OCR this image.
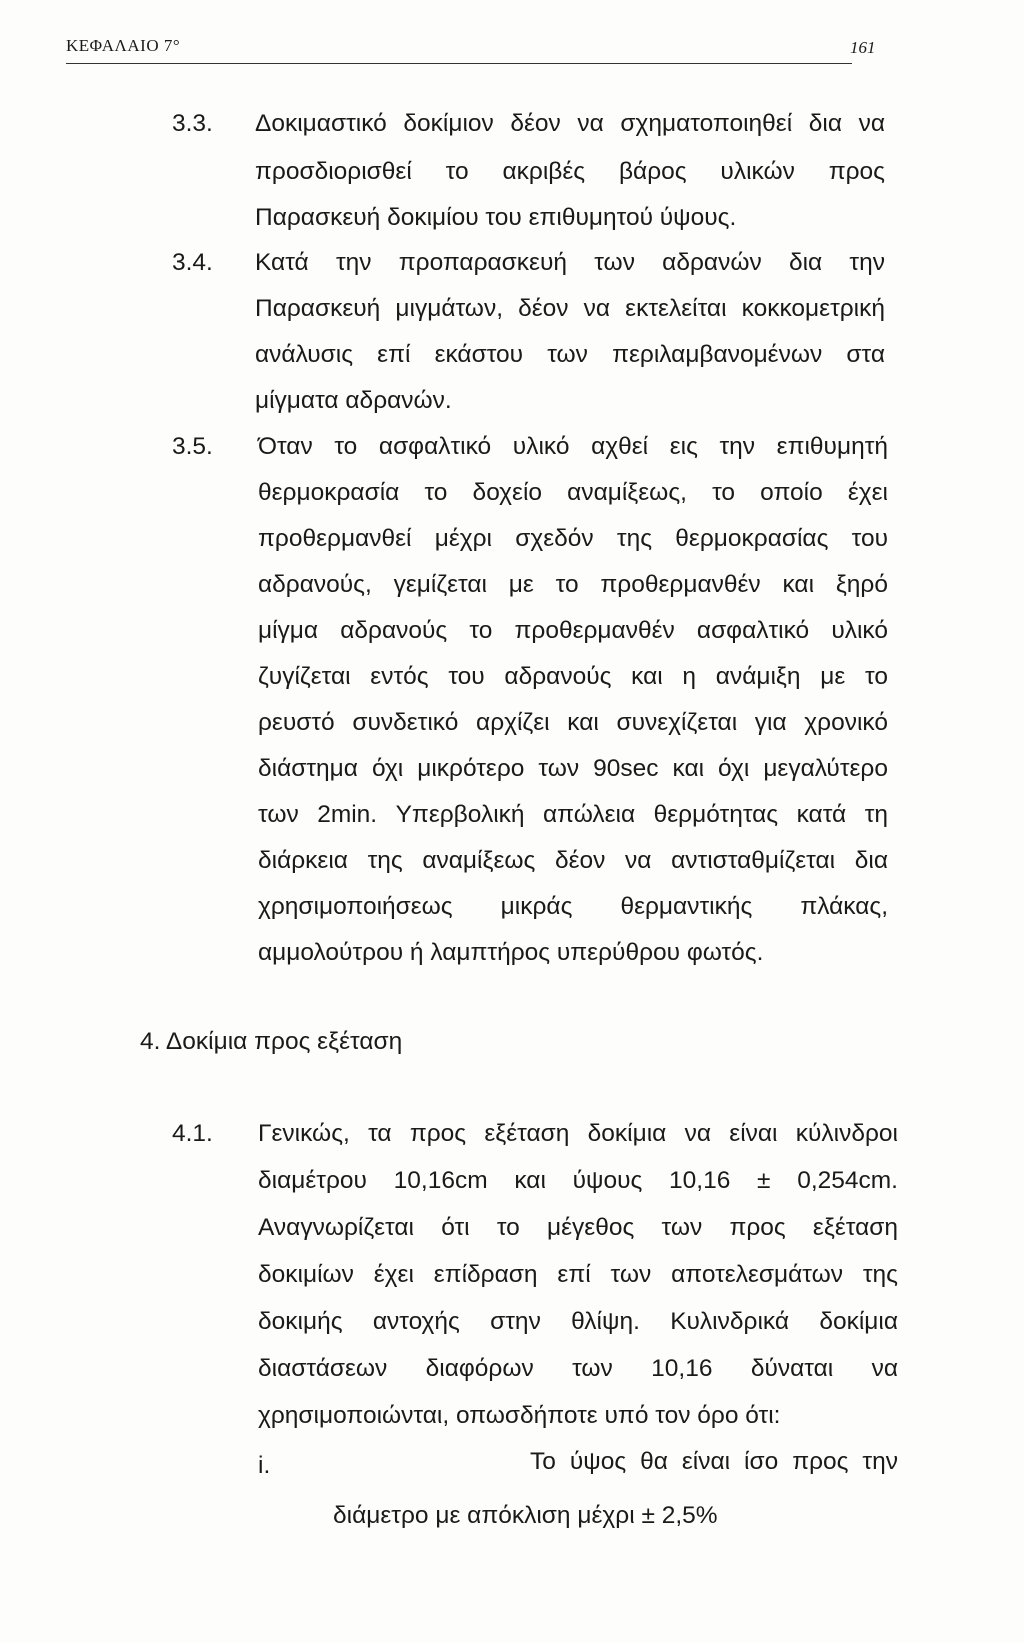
ΚΕΦΑΛΑΙΟ 7°	161
3.3. Δοκιμαστικό δοκίμιον δέον να σχηματοποιηθεί δια να
προσδιορισθεί το ακριβές βάρος υλικών προς
Παρασκευή δοκιμίου του επιθυμητού ύψους.
3.4. Κατά την προπαρασκευή των αδρανών δια την
Παρασκευή μιγμάτων, δέον να εκτελείται κοκκομετρική
ανάλυσις επί εκάστου των περιλαμβανομένων στα
μίγματα αδρανών.
3.5. Όταν το ασφαλτικό υλικό αχθεί εις την επιθυμητή
θερμοκρασία το δοχείο αναμίξεως, το οποίο έχει
προθερμανθεί μέχρι σχεδόν της θερμοκρασίας του
αδρανούς, γεμίζεται με το προθερμανθέν και ξηρό
μίγμα αδρανούς το προθερμανθέν ασφαλτικό υλικό
ζυγίζεται εντός του αδρανούς και η ανάμιξη με το
ρευστό συνδετικό αρχίζει και συνεχίζεται για χρονικό
διάστημα όχι μικρότερο των 90sec και όχι μεγαλύτερο
των 2min. Υπερβολική απώλεια θερμότητας κατά τη
διάρκεια της αναμίξεως δέον να αντισταθμίζεται δια
χρησιμοποιήσεως μικράς θερμαντικής πλάκας,
αμμολούτρου ή λαμπτήρος υπερύθρου φωτός.
4. Δοκίμια προς εξέταση
4.1. Γενικώς, τα προς εξέταση δοκίμια να είναι κύλινδροι
διαμέτρου 10,16cm και ύψους 10,16 ± 0,254cm.
Αναγνωρίζεται ότι το μέγεθος των προς εξέταση
δοκιμίων έχει επίδραση επί των αποτελεσμάτων της
δοκιμής αντοχής στην θλίψη. Κυλινδρικά δοκίμια
διαστάσεων διαφόρων των 10,16 δύναται να
χρησιμοποιώνται, οπωσδήποτε υπό τον όρο ότι:
i.	Το ύψος θα είναι ίσο προς την
διάμετρο με απόκλιση μέχρι ± 2,5%
